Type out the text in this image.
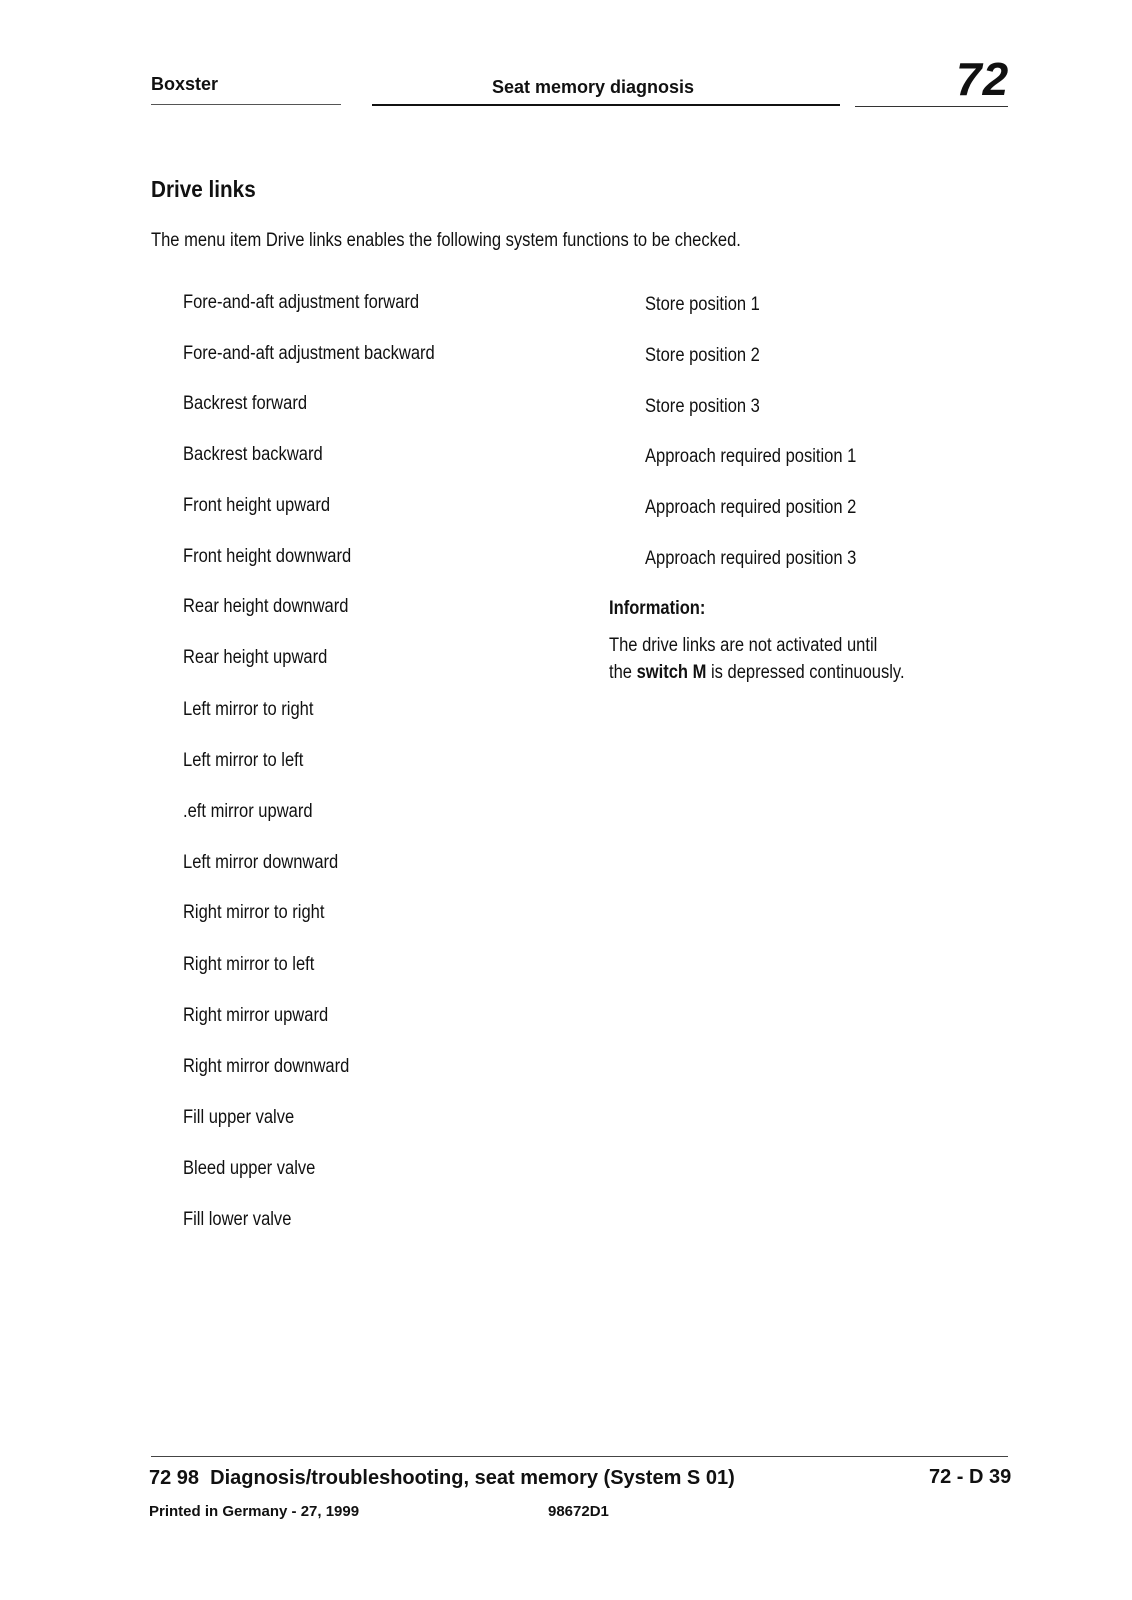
Boxster	Seat memory diagnosis	72
Drive links
The menu item Drive links enables the following system functions to be checked.
Fore-and-aft adjustment forward
Fore-and-aft adjustment backward
Backrest forward
Backrest backward
Front height upward
Front height downward
Rear height downward
Rear height upward
Left mirror to right
Left mirror to left
.eft mirror upward
Left mirror downward
Right mirror to right
Right mirror to left
Right mirror upward
Right mirror downward
Fill upper valve
Bleed upper valve
Fill lower valve
Store position 1
Store position 2
Store position 3
Approach required position 1
Approach required position 2
Approach required position 3
Information:
The drive links are not activated until
the switch M is depressed continuously.
72 98  Diagnosis/troubleshooting, seat memory (System S 01)	72 - D 39
Printed in Germany - 27, 1999	98672D1
